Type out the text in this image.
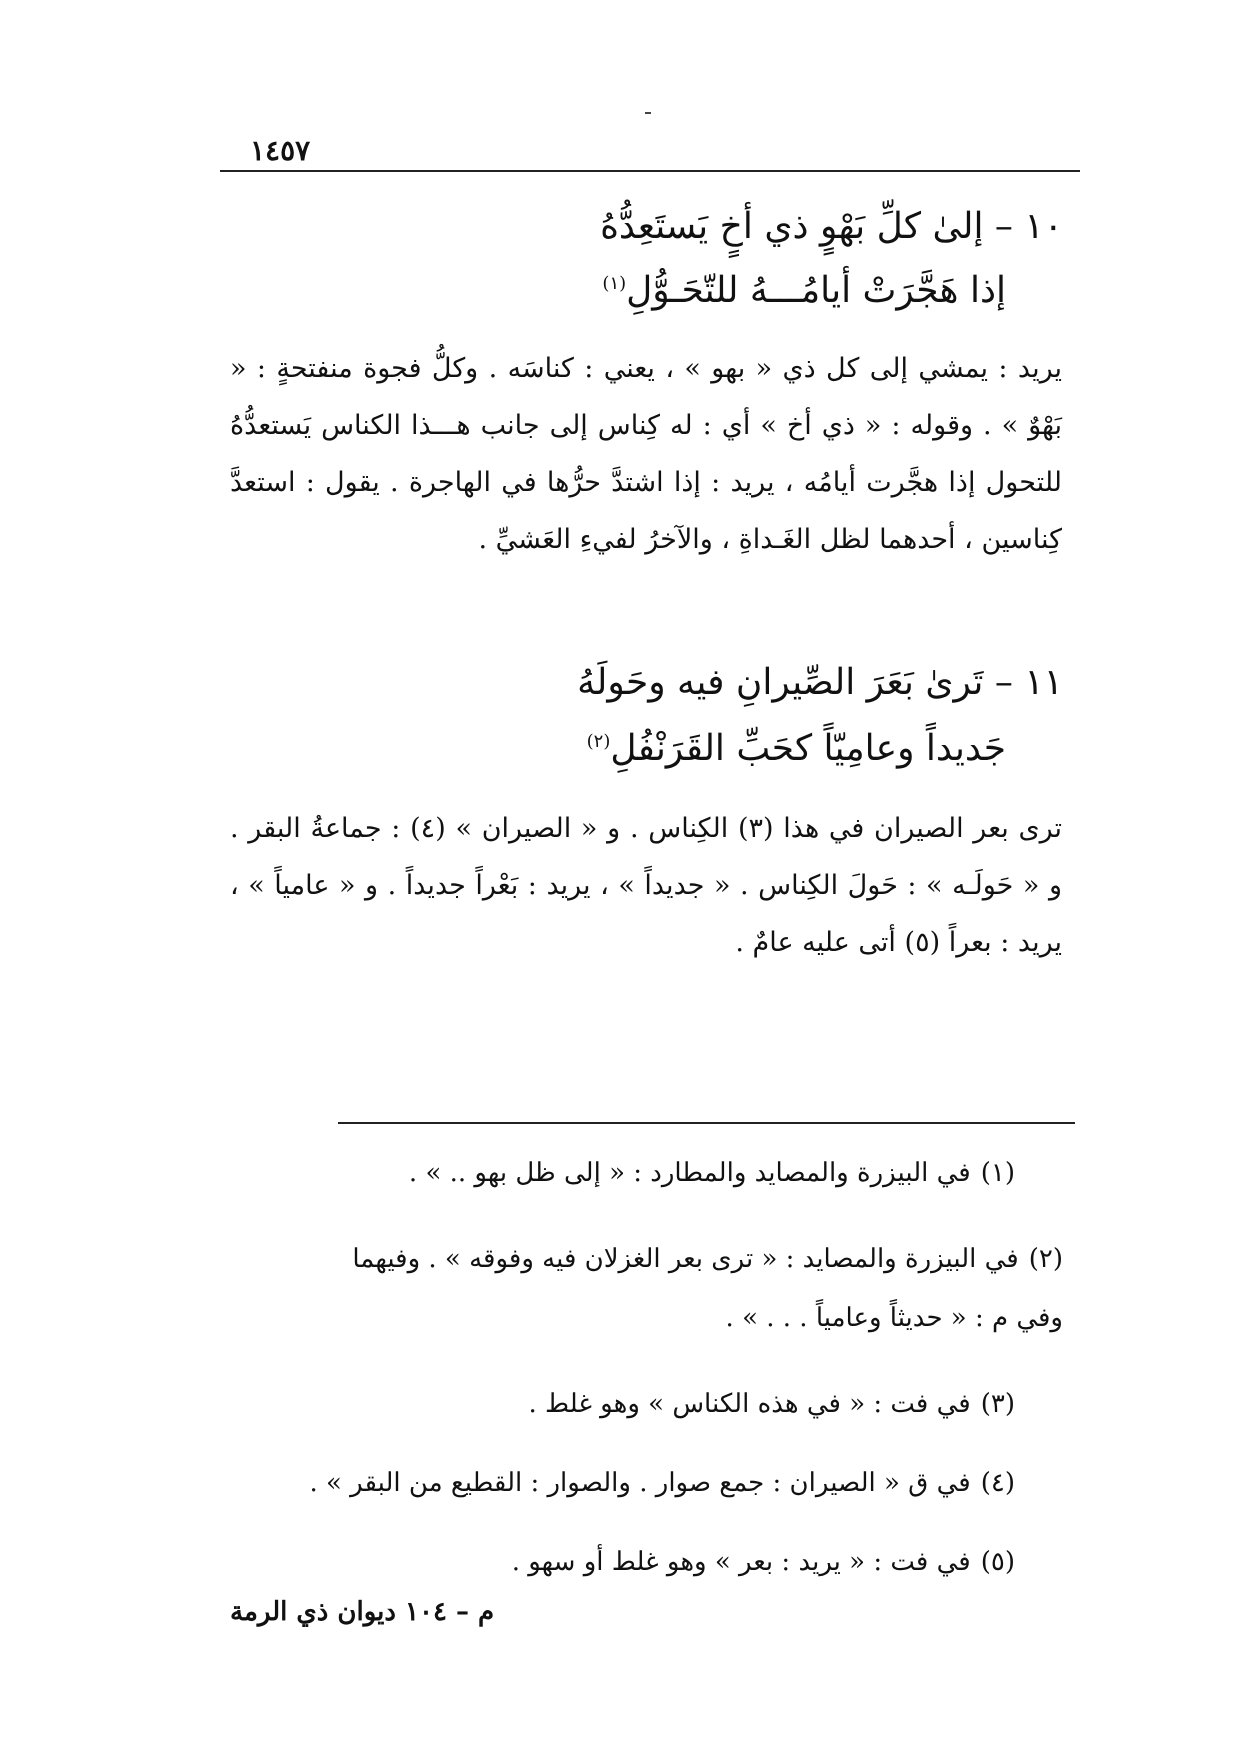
١٤٥٧
١٠ – إلىٰ كلِّ بَهْوٍ ذي أخٍ يَستَعِدُّهُ
إذا هَجَّرَتْ أيامُـــهُ للتّحَـوُّلِ$^{(١)}$
يريد : يمشي إلى كل ذي « بهو » ، يعني : كناسَه . وكلُّ فجوة منفتحةٍ : « بَهْوٌ » . وقوله : « ذي أخ » أي : له كِناس إلى جانب هـــذا الكناس يَستعدُّهُ للتحول إذا هجَّرت أيامُه ، يريد : إذا اشتدَّ حرُّها في الهاجرة . يقول : استعدَّ كِناسين ، أحدهما لظل الغَـداةِ ، والآخرُ لفيءِ العَشيِّ .
١١ – تَرىٰ بَعَرَ الصِّيرانِ فيه وحَولَهُ
جَديداً وعامِيّاً كحَبِّ القَرَنْفُلِ$^{(٢)}$
ترى بعر الصيران في هذا (٣) الكِناس . و « الصيران » (٤) : جماعةُ البقر . و « حَولَـه » : حَولَ الكِناس . « جديداً » ، يريد : بَعْراً جديداً . و « عامياً » ، يريد : بعراً (٥) أتى عليه عامٌ .
(١)في البيزرة والمصايد والمطارد : « إلى ظل بهو .. » .
(٢)في البيزرة والمصايد : « ترى بعر الغزلان فيه وفوقه » . وفيهما
وفي م : « حديثاً وعامياً . . . » .
(٣)في فت : « في هذه الكناس » وهو غلط .
(٤)في ق « الصيران : جمع صوار . والصوار : القطيع من البقر » .
(٥)في فت : « يريد : بعر » وهو غلط أو سهو .
م – ١٠٤ ديوان ذي الرمة
